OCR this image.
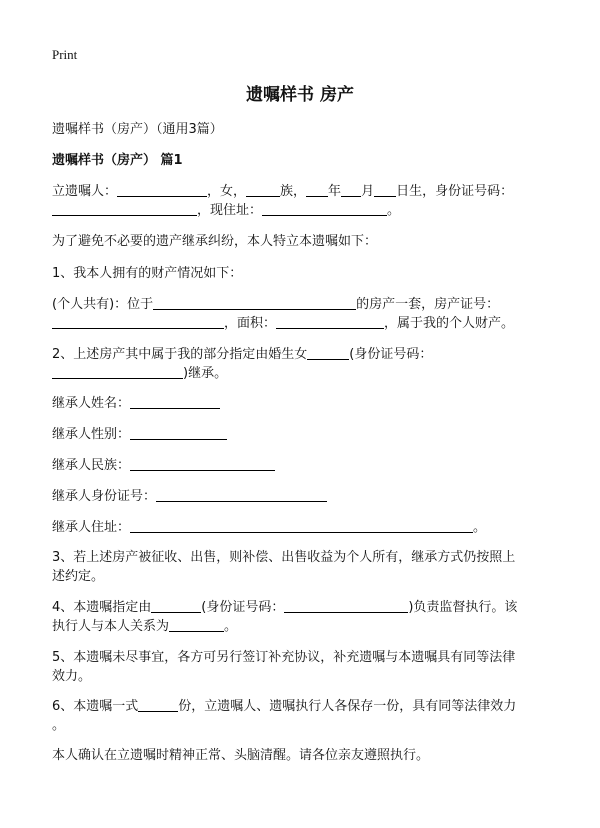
Print
遗嘱样书 房产
遗嘱样书（房产）（通用3篇）
遗嘱样书（房产） 篇1
立遗嘱人：	，女，	族， 年 月 日生，身份证号码：
，现住址：	。
为了避免不必要的遗产继承纠纷，本人特立本遗嘱如下：
1、我本人拥有的财产情况如下：
(个人共有)：位于	的房产一套，房产证号：
，面积：	，属于我的个人财产。
2、上述房产其中属于我的部分指定由婚生女	(身份证号码：
)继承。
继承人姓名：
继承人性别：
继承人民族：
继承人身份证号：
继承人住址：	。
3、若上述房产被征收、出售，则补偿、出售收益为个人所有，继承方式仍按照上
述约定。
4、本遗嘱指定由	(身份证号码：	)负责监督执行。该
执行人与本人关系为	。
5、本遗嘱未尽事宜，各方可另行签订补充协议，补充遗嘱与本遗嘱具有同等法律
效力。
6、本遗嘱一式	份，立遗嘱人、遗嘱执行人各保存一份，具有同等法律效力
。
本人确认在立遗嘱时精神正常、头脑清醒。请各位亲友遵照执行。
